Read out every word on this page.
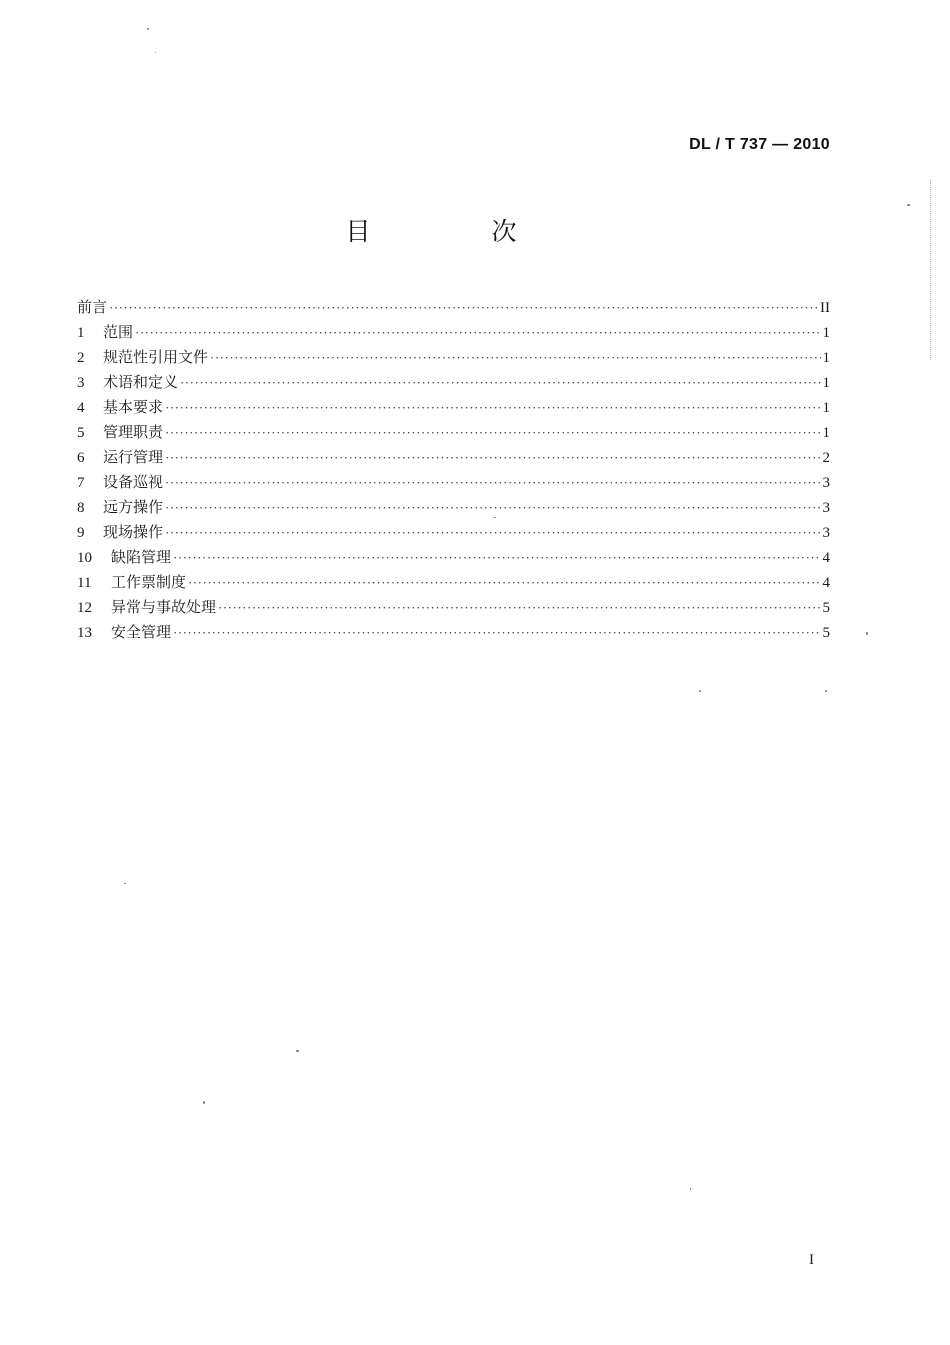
DL / T 737 — 2010
目　次
前言 ·····	II
1	范围 ·····	1
2	规范性引用文件 ·····	1
3	术语和定义 ·····	1
4	基本要求 ·····	1
5	管理职责 ·····	1
6	运行管理 ·····	2
7	设备巡视 ·····	3
8	远方操作 ·····	3
9	现场操作 ·····	3
10	缺陷管理 ·····	4
11	工作票制度 ·····	4
12	异常与事故处理 ·····	5
13	安全管理 ·····	5
I
